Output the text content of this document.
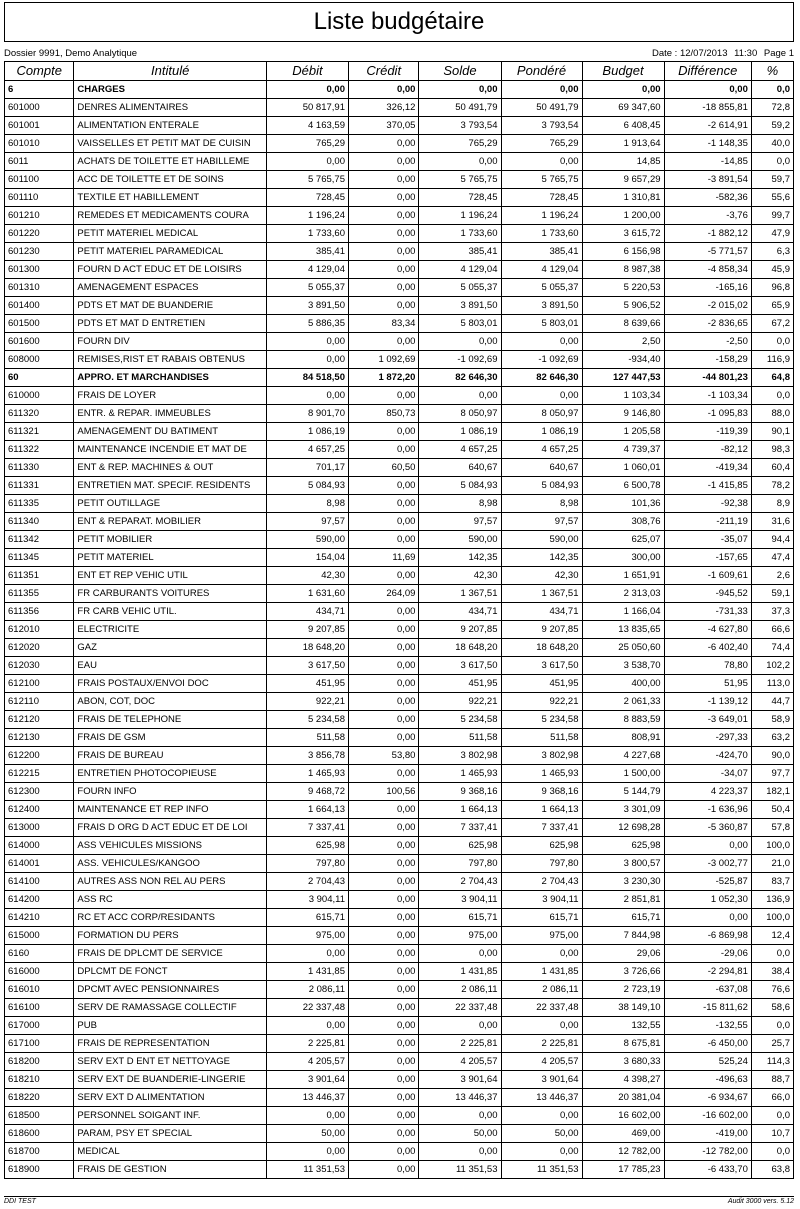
Liste budgétaire
Dossier 9991, Demo Analytique	Date : 12/07/2013 11:30 Page 1
Compte	Intitulé	Débit	Crédit	Solde	Pondéré	Budget	Différence	%
6	CHARGES	0,00	0,00	0,00	0,00	0,00	0,00	0,0
601000	DENRES ALIMENTAIRES	50 817,91	326,12	50 491,79	50 491,79	69 347,60	-18 855,81	72,8
601001	ALIMENTATION ENTERALE	4 163,59	370,05	3 793,54	3 793,54	6 408,45	-2 614,91	59,2
601010	VAISSELLES ET PETIT MAT DE CUISIN	765,29	0,00	765,29	765,29	1 913,64	-1 148,35	40,0
6011	ACHATS DE TOILETTE ET HABILLEME	0,00	0,00	0,00	0,00	14,85	-14,85	0,0
601100	ACC DE TOILETTE ET DE SOINS	5 765,75	0,00	5 765,75	5 765,75	9 657,29	-3 891,54	59,7
601110	TEXTILE ET HABILLEMENT	728,45	0,00	728,45	728,45	1 310,81	-582,36	55,6
601210	REMEDES ET MEDICAMENTS COURA	1 196,24	0,00	1 196,24	1 196,24	1 200,00	-3,76	99,7
601220	PETIT MATERIEL MEDICAL	1 733,60	0,00	1 733,60	1 733,60	3 615,72	-1 882,12	47,9
601230	PETIT MATERIEL PARAMEDICAL	385,41	0,00	385,41	385,41	6 156,98	-5 771,57	6,3
601300	FOURN D ACT EDUC ET DE LOISIRS	4 129,04	0,00	4 129,04	4 129,04	8 987,38	-4 858,34	45,9
601310	AMENAGEMENT ESPACES	5 055,37	0,00	5 055,37	5 055,37	5 220,53	-165,16	96,8
601400	PDTS ET MAT DE BUANDERIE	3 891,50	0,00	3 891,50	3 891,50	5 906,52	-2 015,02	65,9
601500	PDTS ET MAT D ENTRETIEN	5 886,35	83,34	5 803,01	5 803,01	8 639,66	-2 836,65	67,2
601600	FOURN DIV	0,00	0,00	0,00	0,00	2,50	-2,50	0,0
608000	REMISES,RIST ET RABAIS OBTENUS	0,00	1 092,69	-1 092,69	-1 092,69	-934,40	-158,29	116,9
60	APPRO. ET MARCHANDISES	84 518,50	1 872,20	82 646,30	82 646,30	127 447,53	-44 801,23	64,8
610000	FRAIS DE LOYER	0,00	0,00	0,00	0,00	1 103,34	-1 103,34	0,0
611320	ENTR. & REPAR. IMMEUBLES	8 901,70	850,73	8 050,97	8 050,97	9 146,80	-1 095,83	88,0
611321	AMENAGEMENT DU BATIMENT	1 086,19	0,00	1 086,19	1 086,19	1 205,58	-119,39	90,1
611322	MAINTENANCE INCENDIE ET MAT DE	4 657,25	0,00	4 657,25	4 657,25	4 739,37	-82,12	98,3
611330	ENT & REP. MACHINES & OUT	701,17	60,50	640,67	640,67	1 060,01	-419,34	60,4
611331	ENTRETIEN MAT. SPECIF. RESIDENTS	5 084,93	0,00	5 084,93	5 084,93	6 500,78	-1 415,85	78,2
611335	PETIT OUTILLAGE	8,98	0,00	8,98	8,98	101,36	-92,38	8,9
611340	ENT & REPARAT. MOBILIER	97,57	0,00	97,57	97,57	308,76	-211,19	31,6
611342	PETIT MOBILIER	590,00	0,00	590,00	590,00	625,07	-35,07	94,4
611345	PETIT MATERIEL	154,04	11,69	142,35	142,35	300,00	-157,65	47,4
611351	ENT ET REP VEHIC UTIL	42,30	0,00	42,30	42,30	1 651,91	-1 609,61	2,6
611355	FR CARBURANTS VOITURES	1 631,60	264,09	1 367,51	1 367,51	2 313,03	-945,52	59,1
611356	FR CARB VEHIC UTIL.	434,71	0,00	434,71	434,71	1 166,04	-731,33	37,3
612010	ELECTRICITE	9 207,85	0,00	9 207,85	9 207,85	13 835,65	-4 627,80	66,6
612020	GAZ	18 648,20	0,00	18 648,20	18 648,20	25 050,60	-6 402,40	74,4
612030	EAU	3 617,50	0,00	3 617,50	3 617,50	3 538,70	78,80	102,2
612100	FRAIS POSTAUX/ENVOI DOC	451,95	0,00	451,95	451,95	400,00	51,95	113,0
612110	ABON, COT, DOC	922,21	0,00	922,21	922,21	2 061,33	-1 139,12	44,7
612120	FRAIS DE TELEPHONE	5 234,58	0,00	5 234,58	5 234,58	8 883,59	-3 649,01	58,9
612130	FRAIS DE GSM	511,58	0,00	511,58	511,58	808,91	-297,33	63,2
612200	FRAIS DE BUREAU	3 856,78	53,80	3 802,98	3 802,98	4 227,68	-424,70	90,0
612215	ENTRETIEN PHOTOCOPIEUSE	1 465,93	0,00	1 465,93	1 465,93	1 500,00	-34,07	97,7
612300	FOURN INFO	9 468,72	100,56	9 368,16	9 368,16	5 144,79	4 223,37	182,1
612400	MAINTENANCE ET REP INFO	1 664,13	0,00	1 664,13	1 664,13	3 301,09	-1 636,96	50,4
613000	FRAIS D ORG D ACT EDUC ET DE LOI	7 337,41	0,00	7 337,41	7 337,41	12 698,28	-5 360,87	57,8
614000	ASS VEHICULES MISSIONS	625,98	0,00	625,98	625,98	625,98	0,00	100,0
614001	ASS. VEHICULES/KANGOO	797,80	0,00	797,80	797,80	3 800,57	-3 002,77	21,0
614100	AUTRES ASS NON REL AU PERS	2 704,43	0,00	2 704,43	2 704,43	3 230,30	-525,87	83,7
614200	ASS RC	3 904,11	0,00	3 904,11	3 904,11	2 851,81	1 052,30	136,9
614210	RC ET ACC CORP/RESIDANTS	615,71	0,00	615,71	615,71	615,71	0,00	100,0
615000	FORMATION DU PERS	975,00	0,00	975,00	975,00	7 844,98	-6 869,98	12,4
6160	FRAIS DE DPLCMT DE SERVICE	0,00	0,00	0,00	0,00	29,06	-29,06	0,0
616000	DPLCMT DE FONCT	1 431,85	0,00	1 431,85	1 431,85	3 726,66	-2 294,81	38,4
616010	DPCMT AVEC PENSIONNAIRES	2 086,11	0,00	2 086,11	2 086,11	2 723,19	-637,08	76,6
616100	SERV DE RAMASSAGE COLLECTIF	22 337,48	0,00	22 337,48	22 337,48	38 149,10	-15 811,62	58,6
617000	PUB	0,00	0,00	0,00	0,00	132,55	-132,55	0,0
617100	FRAIS DE REPRESENTATION	2 225,81	0,00	2 225,81	2 225,81	8 675,81	-6 450,00	25,7
618200	SERV EXT D ENT ET NETTOYAGE	4 205,57	0,00	4 205,57	4 205,57	3 680,33	525,24	114,3
618210	SERV EXT DE BUANDERIE-LINGERIE	3 901,64	0,00	3 901,64	3 901,64	4 398,27	-496,63	88,7
618220	SERV EXT D ALIMENTATION	13 446,37	0,00	13 446,37	13 446,37	20 381,04	-6 934,67	66,0
618500	PERSONNEL SOIGANT INF.	0,00	0,00	0,00	0,00	16 602,00	-16 602,00	0,0
618600	PARAM, PSY ET SPECIAL	50,00	0,00	50,00	50,00	469,00	-419,00	10,7
618700	MEDICAL	0,00	0,00	0,00	0,00	12 782,00	-12 782,00	0,0
618900	FRAIS DE GESTION	11 351,53	0,00	11 351,53	11 351,53	17 785,23	-6 433,70	63,8
DDI TEST	Audit 3000 vers. 5.12
